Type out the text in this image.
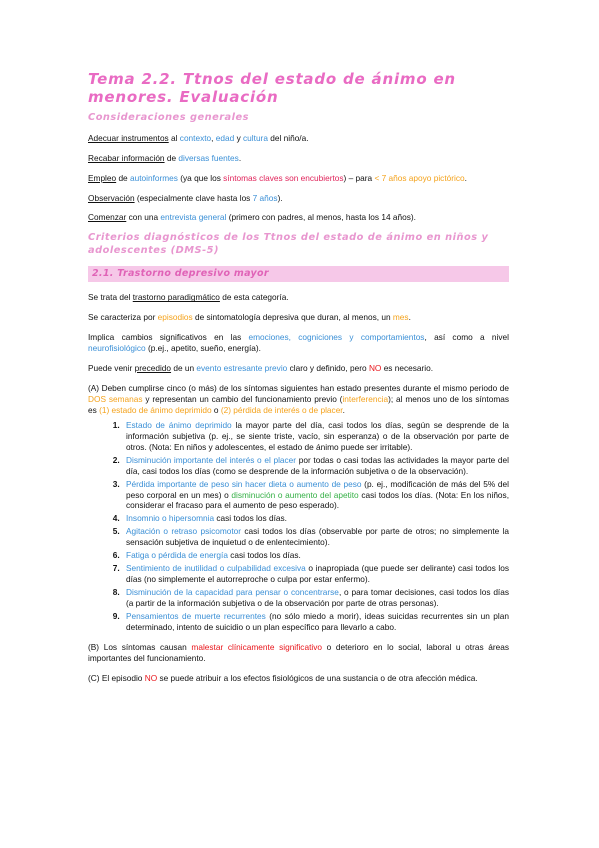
Tema 2.2. Ttnos del estado de ánimo en menores. Evaluación
Consideraciones generales

Adecuar instrumentos al contexto, edad y cultura del niño/a.

Recabar información de diversas fuentes.

Empleo de autoinformes (ya que los síntomas claves son encubiertos) – para < 7 años apoyo pictórico.

Observación (especialmente clave hasta los 7 años).

Comenzar con una entrevista general (primero con padres, al menos, hasta los 14 años).

Criterios diagnósticos de los Ttnos del estado de ánimo en niños y adolescentes (DMS-5)
2.1. Trastorno depresivo mayor

Se trata del trastorno paradigmático de esta categoría.

Se caracteriza por episodios de sintomatología depresiva que duran, al menos, un mes.

Implica cambios significativos en las emociones, cogniciones y comportamientos, así como a nivel neurofisiológico (p.ej., apetito, sueño, energía).

Puede venir precedido de un evento estresante previo claro y definido, pero NO es necesario.

(A) Deben cumplirse cinco (o más) de los síntomas siguientes han estado presentes durante el mismo periodo de DOS semanas y representan un cambio del funcionamiento previo (interferencia); al menos uno de los síntomas es (1) estado de ánimo deprimido o (2) pérdida de interés o de placer.

1. Estado de ánimo deprimido la mayor parte del día, casi todos los días, según se desprende de la información subjetiva (p. ej., se siente triste, vacío, sin esperanza) o de la observación por parte de otros. (Nota: En niños y adolescentes, el estado de ánimo puede ser irritable).
2. Disminución importante del interés o el placer por todas o casi todas las actividades la mayor parte del día, casi todos los días (como se desprende de la información subjetiva o de la observación).
3. Pérdida importante de peso sin hacer dieta o aumento de peso (p. ej., modificación de más del 5% del peso corporal en un mes) o disminución o aumento del apetito casi todos los días. (Nota: En los niños, considerar el fracaso para el aumento de peso esperado).
4. Insomnio o hipersomnia casi todos los días.
5. Agitación o retraso psicomotor casi todos los días (observable por parte de otros; no simplemente la sensación subjetiva de inquietud o de enlentecimiento).
6. Fatiga o pérdida de energía casi todos los días.
7. Sentimiento de inutilidad o culpabilidad excesiva o inapropiada (que puede ser delirante) casi todos los días (no simplemente el autorreproche o culpa por estar enfermo).
8. Disminución de la capacidad para pensar o concentrarse, o para tomar decisiones, casi todos los días (a partir de la información subjetiva o de la observación por parte de otras personas).
9. Pensamientos de muerte recurrentes (no sólo miedo a morir), ideas suicidas recurrentes sin un plan determinado, intento de suicidio o un plan específico para llevarlo a cabo.

(B) Los síntomas causan malestar clínicamente significativo o deterioro en lo social, laboral u otras áreas importantes del funcionamiento.

(C) El episodio NO se puede atribuir a los efectos fisiológicos de una sustancia o de otra afección médica.
